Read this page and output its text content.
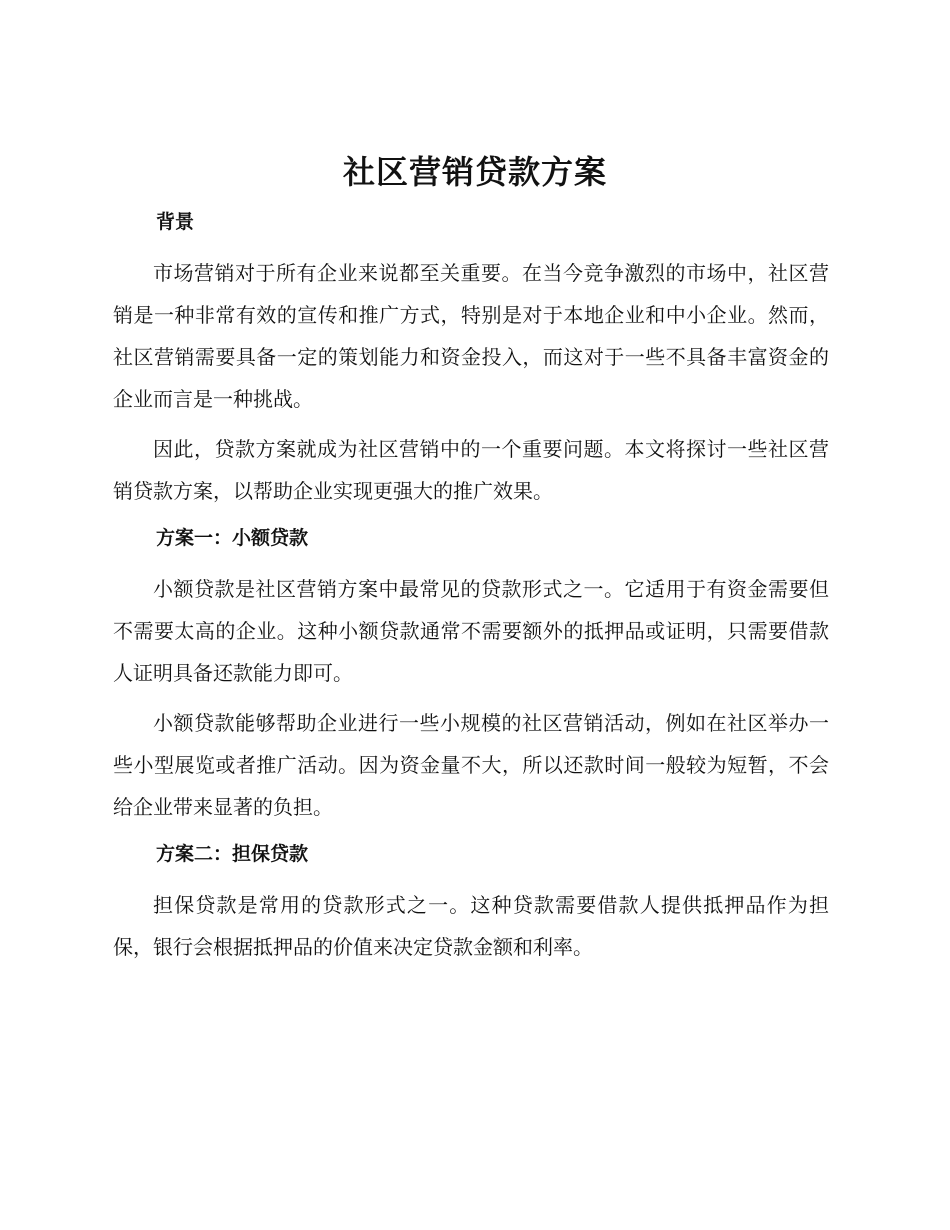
社区营销贷款方案
背景

市场营销对于所有企业来说都至关重要。在当今竞争激烈的市场中，社区营销是一种非常有效的宣传和推广方式，特别是对于本地企业和中小企业。然而，社区营销需要具备一定的策划能力和资金投入，而这对于一些不具备丰富资金的企业而言是一种挑战。

因此，贷款方案就成为社区营销中的一个重要问题。本文将探讨一些社区营销贷款方案，以帮助企业实现更强大的推广效果。

方案一：小额贷款

小额贷款是社区营销方案中最常见的贷款形式之一。它适用于有资金需要但不需要太高的企业。这种小额贷款通常不需要额外的抵押品或证明，只需要借款人证明具备还款能力即可。

小额贷款能够帮助企业进行一些小规模的社区营销活动，例如在社区举办一些小型展览或者推广活动。因为资金量不大，所以还款时间一般较为短暂，不会给企业带来显著的负担。

方案二：担保贷款

担保贷款是常用的贷款形式之一。这种贷款需要借款人提供抵押品作为担保，银行会根据抵押品的价值来决定贷款金额和利率。
